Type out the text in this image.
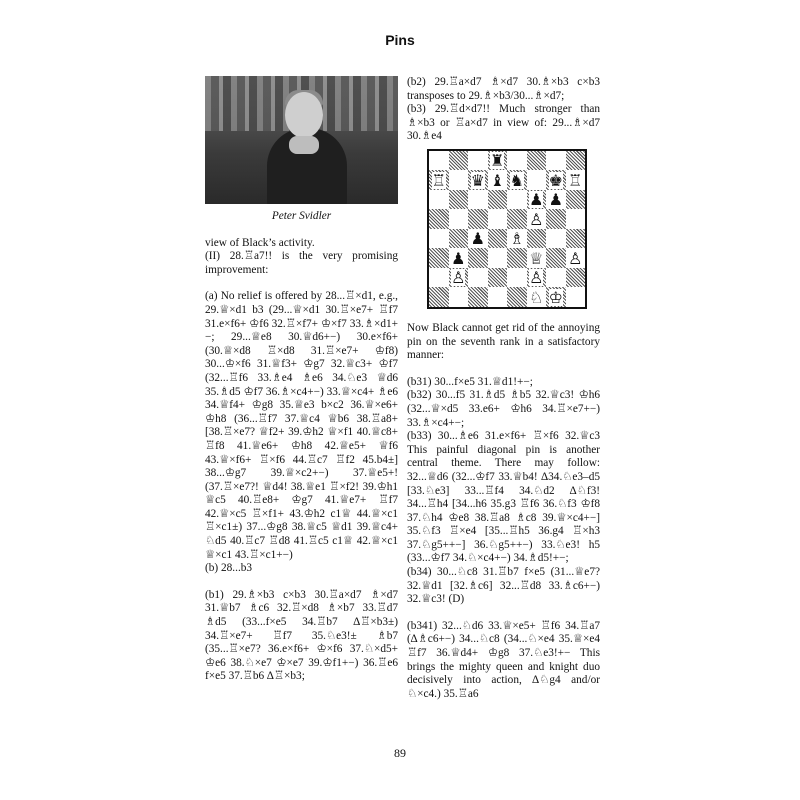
Pins
Peter Svidler

view of Black’s activity.

(II) 28.♖a7!! is the very promising improvement:

(a) No relief is offered by 28...♖×d1, e.g., 29.♕×d1 b3 (29...♕×d1 30.♖×e7+ ♖f7 31.e×f6+ ♔f6 32.♖×f7+ ♔×f7 33.♗×d1+−; 29...♕e8 30.♕d6+−) 30.e×f6+ (30.♕×d8 ♖×d8 31.♖×e7+ ♔f8) 30...♔×f6 31.♕f3+ ♔g7 32.♕c3+ ♔f7 (32...♖f6 33.♗e4 ♗e6 34.♘e3 ♕d6 35.♗d5 ♔f7 36.♗×c4+−) 33.♕×c4+ ♗e6 34.♕f4+ ♔g8 35.♕e3 b×c2 36.♕×e6+ ♔h8 (36...♖f7 37.♕c4 ♕b6 38.♖a8+ [38.♖×e7? ♕f2+ 39.♔h2 ♕×f1 40.♕c8+ ♖f8 41.♕e6+ ♔h8 42.♕e5+ ♕f6 43.♕×f6+ ♖×f6 44.♖c7 ♖f2 45.b4±] 38...♔g7 39.♕×c2+−) 37.♕e5+! (37.♖×e7?! ♕d4! 38.♕e1 ♖×f2! 39.♔h1 ♕c5 40.♖e8+ ♔g7 41.♕e7+ ♖f7 42.♕×c5 ♖×f1+ 43.♔h2 c1♕ 44.♕×c1 ♖×c1±) 37...♔g8 38.♕c5 ♕d1 39.♕c4+ ♘d5 40.♖c7 ♖d8 41.♖c5 c1♕ 42.♕×c1 ♕×c1 43.♖×c1+−)

(b) 28...b3

(b1) 29.♗×b3 c×b3 30.♖a×d7 ♗×d7 31.♕b7 ♗c6 32.♖×d8 ♗×b7 33.♖d7 ♗d5 (33...f×e5 34.♖b7 ∆♖×b3±) 34.♖×e7+ ♖f7 35.♘e3!± ♗b7 (35...♖×e7? 36.e×f6+ ♔×f6 37.♘×d5+ ♔e6 38.♘×e7 ♔×e7 39.♔f1+−) 36.♖e6 f×e5 37.♖b6 ∆♖×b3;

(b2) 29.♖a×d7 ♗×d7 30.♗×b3 c×b3 transposes to 29.♗×b3/30...♗×d7;

(b3) 29.♖d×d7!! Much stronger than ♗×b3 or ♖a×d7 in view of: 29...♗×d7 30.♗e4

♜
♖ ♛ ♝ ♞ ♚ ♖
♟ ♟
♙
♟ ♗
♟	♕ ♙
♙	♙
♘ ♔

Now Black cannot get rid of the annoying pin on the seventh rank in a satisfactory manner:

(b31) 30...f×e5 31.♕d1!+−;

(b32) 30...f5 31.♗d5 ♗b5 32.♕c3! ♔h6 (32...♕×d5 33.e6+ ♔h6 34.♖×e7+−) 33.♗×c4+−;

(b33) 30...♗e6 31.e×f6+ ♖×f6 32.♕c3 This painful diagonal pin is another central theme. There may follow: 32...♕d6 (32...♔f7 33.♕b4! ∆34.♘e3–d5 [33.♘e3] 33...♖f4 34.♘d2 ∆♘f3! 34...♖h4 [34...h6 35.g3 ♖f6 36.♘f3 ♔f8 37.♘h4 ♔e8 38.♖a8 ♗c8 39.♕×c4+−] 35.♘f3 ♖×e4 [35...♖h5 36.g4 ♖×h3 37.♘g5++−] 36.♘g5++−) 33.♘e3! h5 (33...♔f7 34.♘×c4+−) 34.♗d5!+−;

(b34) 30...♘c8 31.♖b7 f×e5 (31...♕e7? 32.♕d1 [32.♗c6] 32...♖d8 33.♗c6+−) 32.♕c3! (D)

(b341) 32...♘d6 33.♕×e5+ ♖f6 34.♖a7 (∆♗c6+−) 34...♘c8 (34...♘×e4 35.♕×e4 ♖f7 36.♕d4+ ♔g8 37.♘e3!+− This brings the mighty queen and knight duo decisively into action, ∆♘g4 and/or ♘×c4.) 35.♖a6

89
